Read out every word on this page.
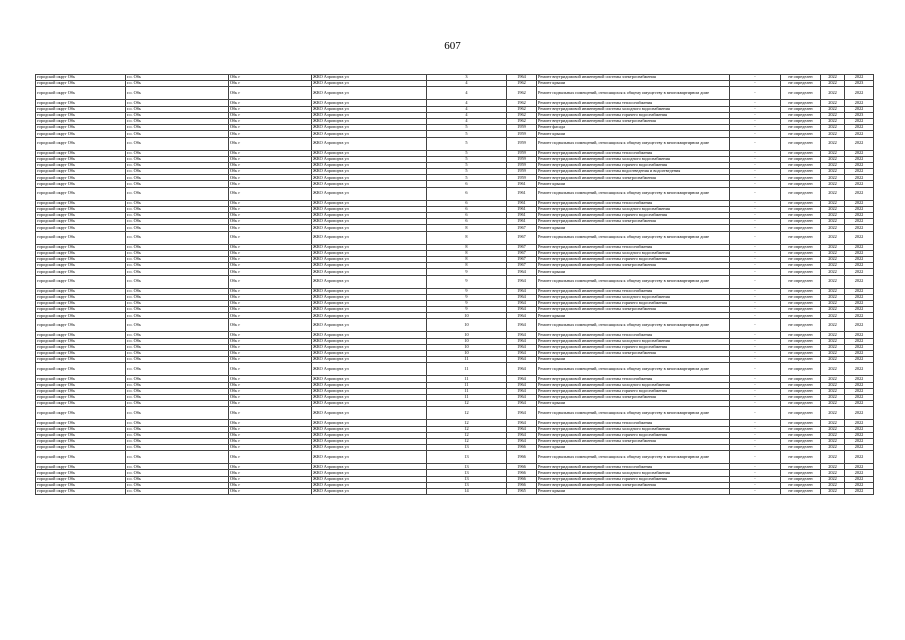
607
городской округ Обь	г.о. Обь	Обь г	ЖКО Аэропорта ул	3	1964	Ремонт внутридомовой инженерной системы электроснабжения	-	не определен	2022	2022
городской округ Обь	г.о. Обь	Обь г	ЖКО Аэропорта ул	4	1962	Ремонт крыши	-	не определен	2022	2023
городской округ Обь	г.о. Обь	Обь г	ЖКО Аэропорта ул	4	1962	Ремонт подвальных помещений, относящихся к общему имуществу в многоквартирном доме	-	не определен	2022	2022
городской округ Обь	г.о. Обь	Обь г	ЖКО Аэропорта ул	4	1962	Ремонт внутридомовой инженерной системы теплоснабжения	-	не определен	2022	2022
городской округ Обь	г.о. Обь	Обь г	ЖКО Аэропорта ул	4	1962	Ремонт внутридомовой инженерной системы холодного водоснабжения	-	не определен	2022	2022
городской округ Обь	г.о. Обь	Обь г	ЖКО Аэропорта ул	4	1962	Ремонт внутридомовой инженерной системы горячего водоснабжения	-	не определен	2022	2023
городской округ Обь	г.о. Обь	Обь г	ЖКО Аэропорта ул	4	1962	Ремонт внутридомовой инженерной системы электроснабжения	-	не определен	2022	2022
городской округ Обь	г.о. Обь	Обь г	ЖКО Аэропорта ул	5	1959	Ремонт фасада	-	не определен	2022	2022
городской округ Обь	г.о. Обь	Обь г	ЖКО Аэропорта ул	5	1959	Ремонт крыши	-	не определен	2022	2022
городской округ Обь	г.о. Обь	Обь г	ЖКО Аэропорта ул	5	1959	Ремонт подвальных помещений, относящихся к общему имуществу в многоквартирном доме	-	не определен	2022	2022
городской округ Обь	г.о. Обь	Обь г	ЖКО Аэропорта ул	5	1959	Ремонт внутридомовой инженерной системы теплоснабжения	-	не определен	2022	2022
городской округ Обь	г.о. Обь	Обь г	ЖКО Аэропорта ул	5	1959	Ремонт внутридомовой инженерной системы холодного водоснабжения	-	не определен	2022	2022
городской округ Обь	г.о. Обь	Обь г	ЖКО Аэропорта ул	5	1959	Ремонт внутридомовой инженерной системы горячего водоснабжения	-	не определен	2022	2022
городской округ Обь	г.о. Обь	Обь г	ЖКО Аэропорта ул	5	1959	Ремонт внутридомовой инженерной системы водоотведения и водоотведения	-	не определен	2022	2022
городской округ Обь	г.о. Обь	Обь г	ЖКО Аэропорта ул	5	1959	Ремонт внутридомовой инженерной системы электроснабжения	-	не определен	2022	2022
городской округ Обь	г.о. Обь	Обь г	ЖКО Аэропорта ул	6	1961	Ремонт крыши	-	не определен	2022	2022
городской округ Обь	г.о. Обь	Обь г	ЖКО Аэропорта ул	6	1961	Ремонт подвальных помещений, относящихся к общему имуществу в многоквартирном доме	-	не определен	2022	2022
городской округ Обь	г.о. Обь	Обь г	ЖКО Аэропорта ул	6	1961	Ремонт внутридомовой инженерной системы теплоснабжения	-	не определен	2022	2022
городской округ Обь	г.о. Обь	Обь г	ЖКО Аэропорта ул	6	1961	Ремонт внутридомовой инженерной системы холодного водоснабжения	-	не определен	2022	2022
городской округ Обь	г.о. Обь	Обь г	ЖКО Аэропорта ул	6	1961	Ремонт внутридомовой инженерной системы горячего водоснабжения	-	не определен	2022	2022
городской округ Обь	г.о. Обь	Обь г	ЖКО Аэропорта ул	6	1961	Ремонт внутридомовой инженерной системы электроснабжения	-	не определен	2022	2022
городской округ Обь	г.о. Обь	Обь г	ЖКО Аэропорта ул	8	1967	Ремонт крыши	-	не определен	2022	2022
городской округ Обь	г.о. Обь	Обь г	ЖКО Аэропорта ул	8	1967	Ремонт подвальных помещений, относящихся к общему имуществу в многоквартирном доме	-	не определен	2022	2022
городской округ Обь	г.о. Обь	Обь г	ЖКО Аэропорта ул	8	1967	Ремонт внутридомовой инженерной системы теплоснабжения	-	не определен	2022	2022
городской округ Обь	г.о. Обь	Обь г	ЖКО Аэропорта ул	8	1967	Ремонт внутридомовой инженерной системы холодного водоснабжения	-	не определен	2022	2022
городской округ Обь	г.о. Обь	Обь г	ЖКО Аэропорта ул	8	1967	Ремонт внутридомовой инженерной системы горячего водоснабжения	-	не определен	2022	2022
городской округ Обь	г.о. Обь	Обь г	ЖКО Аэропорта ул	8	1967	Ремонт внутридомовой инженерной системы электроснабжения	-	не определен	2022	2022
городской округ Обь	г.о. Обь	Обь г	ЖКО Аэропорта ул	9	1964	Ремонт крыши	-	не определен	2022	2022
городской округ Обь	г.о. Обь	Обь г	ЖКО Аэропорта ул	9	1964	Ремонт подвальных помещений, относящихся к общему имуществу в многоквартирном доме	-	не определен	2022	2022
городской округ Обь	г.о. Обь	Обь г	ЖКО Аэропорта ул	9	1964	Ремонт внутридомовой инженерной системы теплоснабжения	-	не определен	2022	2022
городской округ Обь	г.о. Обь	Обь г	ЖКО Аэропорта ул	9	1964	Ремонт внутридомовой инженерной системы холодного водоснабжения	-	не определен	2022	2022
городской округ Обь	г.о. Обь	Обь г	ЖКО Аэропорта ул	9	1964	Ремонт внутридомовой инженерной системы горячего водоснабжения	-	не определен	2022	2022
городской округ Обь	г.о. Обь	Обь г	ЖКО Аэропорта ул	9	1964	Ремонт внутридомовой инженерной системы электроснабжения	-	не определен	2022	2022
городской округ Обь	г.о. Обь	Обь г	ЖКО Аэропорта ул	10	1964	Ремонт крыши	-	не определен	2022	2022
городской округ Обь	г.о. Обь	Обь г	ЖКО Аэропорта ул	10	1964	Ремонт подвальных помещений, относящихся к общему имуществу в многоквартирном доме	-	не определен	2022	2022
городской округ Обь	г.о. Обь	Обь г	ЖКО Аэропорта ул	10	1964	Ремонт внутридомовой инженерной системы теплоснабжения	-	не определен	2022	2022
городской округ Обь	г.о. Обь	Обь г	ЖКО Аэропорта ул	10	1964	Ремонт внутридомовой инженерной системы холодного водоснабжения	-	не определен	2022	2022
городской округ Обь	г.о. Обь	Обь г	ЖКО Аэропорта ул	10	1964	Ремонт внутридомовой инженерной системы горячего водоснабжения	-	не определен	2022	2022
городской округ Обь	г.о. Обь	Обь г	ЖКО Аэропорта ул	10	1964	Ремонт внутридомовой инженерной системы электроснабжения	-	не определен	2022	2022
городской округ Обь	г.о. Обь	Обь г	ЖКО Аэропорта ул	11	1964	Ремонт крыши	-	не определен	2022	2022
городской округ Обь	г.о. Обь	Обь г	ЖКО Аэропорта ул	11	1964	Ремонт подвальных помещений, относящихся к общему имуществу в многоквартирном доме	-	не определен	2022	2022
городской округ Обь	г.о. Обь	Обь г	ЖКО Аэропорта ул	11	1964	Ремонт внутридомовой инженерной системы теплоснабжения	-	не определен	2022	2022
городской округ Обь	г.о. Обь	Обь г	ЖКО Аэропорта ул	11	1964	Ремонт внутридомовой инженерной системы холодного водоснабжения	-	не определен	2022	2022
городской округ Обь	г.о. Обь	Обь г	ЖКО Аэропорта ул	11	1964	Ремонт внутридомовой инженерной системы горячего водоснабжения	-	не определен	2022	2022
городской округ Обь	г.о. Обь	Обь г	ЖКО Аэропорта ул	11	1964	Ремонт внутридомовой инженерной системы электроснабжения	-	не определен	2022	2022
городской округ Обь	г.о. Обь	Обь г	ЖКО Аэропорта ул	12	1964	Ремонт крыши	-	не определен	2022	2022
городской округ Обь	г.о. Обь	Обь г	ЖКО Аэропорта ул	12	1964	Ремонт подвальных помещений, относящихся к общему имуществу в многоквартирном доме	-	не определен	2022	2022
городской округ Обь	г.о. Обь	Обь г	ЖКО Аэропорта ул	12	1964	Ремонт внутридомовой инженерной системы теплоснабжения	-	не определен	2022	2022
городской округ Обь	г.о. Обь	Обь г	ЖКО Аэропорта ул	12	1964	Ремонт внутридомовой инженерной системы холодного водоснабжения	-	не определен	2022	2022
городской округ Обь	г.о. Обь	Обь г	ЖКО Аэропорта ул	12	1964	Ремонт внутридомовой инженерной системы горячего водоснабжения	-	не определен	2022	2022
городской округ Обь	г.о. Обь	Обь г	ЖКО Аэропорта ул	12	1964	Ремонт внутридомовой инженерной системы электроснабжения	-	не определен	2022	2022
городской округ Обь	г.о. Обь	Обь г	ЖКО Аэропорта ул	13	1966	Ремонт крыши	-	не определен	2022	2022
городской округ Обь	г.о. Обь	Обь г	ЖКО Аэропорта ул	13	1966	Ремонт подвальных помещений, относящихся к общему имуществу в многоквартирном доме	-	не определен	2022	2022
городской округ Обь	г.о. Обь	Обь г	ЖКО Аэропорта ул	13	1966	Ремонт внутридомовой инженерной системы теплоснабжения	-	не определен	2022	2022
городской округ Обь	г.о. Обь	Обь г	ЖКО Аэропорта ул	13	1966	Ремонт внутридомовой инженерной системы холодного водоснабжения	-	не определен	2022	2022
городской округ Обь	г.о. Обь	Обь г	ЖКО Аэропорта ул	13	1966	Ремонт внутридомовой инженерной системы горячего водоснабжения	-	не определен	2022	2022
городской округ Обь	г.о. Обь	Обь г	ЖКО Аэропорта ул	13	1966	Ремонт внутридомовой инженерной системы электроснабжения	-	не определен	2022	2022
городской округ Обь	г.о. Обь	Обь г	ЖКО Аэропорта ул	14	1965	Ремонт крыши	-	не определен	2022	2022
